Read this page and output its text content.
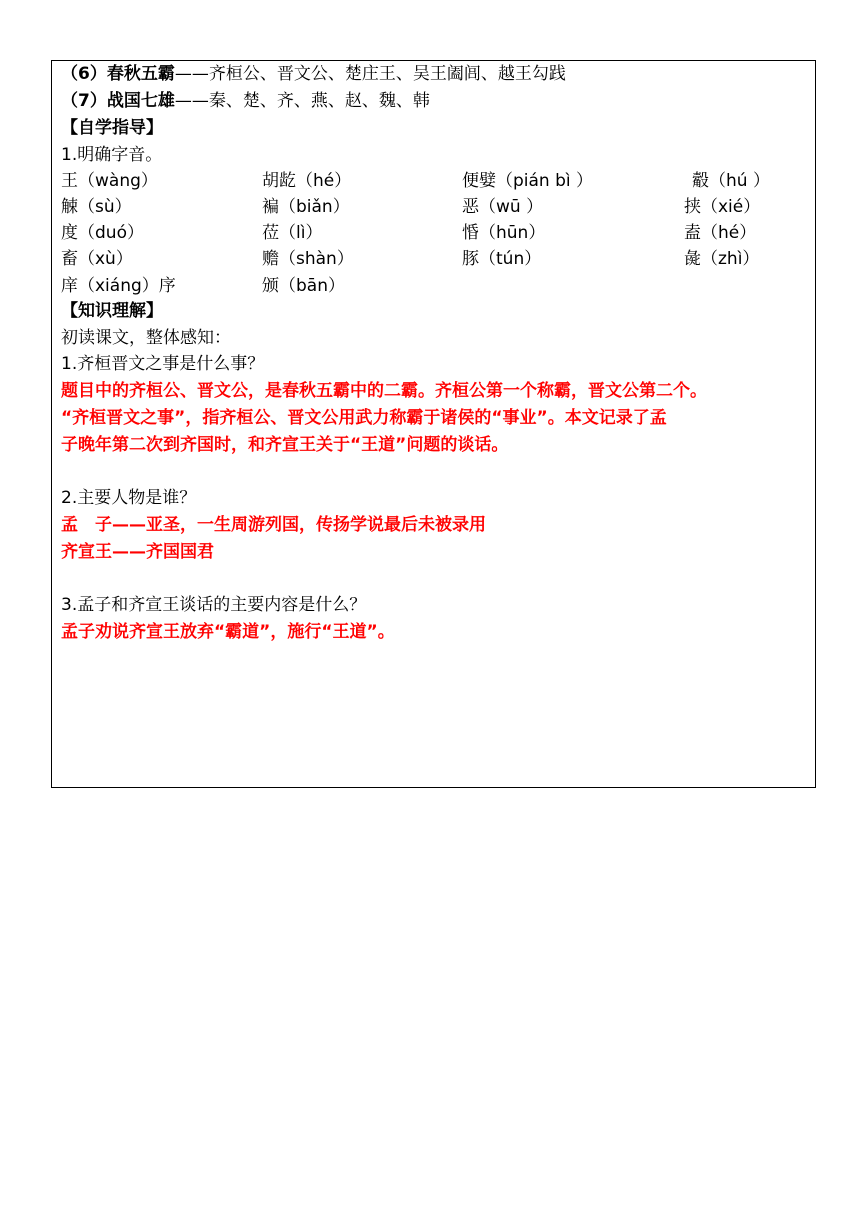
（6）春秋五霸——齐桓公、晋文公、楚庄王、吴王阖闾、越王勾践
（7）战国七雄——秦、楚、齐、燕、赵、魏、韩
【自学指导】
1.明确字音。
王（wàng）	胡龁（hé）	便嬖（pián bì ）	觳（hú ）
觫（sù）	褊（biǎn）	恶（wū ）	挟（xié）
度（duó）	莅（lì）	惛（hūn）	盍（hé）
畜（xù）	赡（shàn）	豚（tún）	彘（zhì）
庠（xiáng）序	颁（bān）
【知识理解】
初读课文，整体感知：
1.齐桓晋文之事是什么事？
题目中的齐桓公、晋文公，是春秋五霸中的二霸。齐桓公第一个称霸，晋文公第二个。
“齐桓晋文之事”，指齐桓公、晋文公用武力称霸于诸侯的“事业”。本文记录了孟
子晚年第二次到齐国时，和齐宣王关于“王道”问题的谈话。
2.主要人物是谁？
孟　子——亚圣，一生周游列国，传扬学说最后未被录用
齐宣王——齐国国君
3.孟子和齐宣王谈话的主要内容是什么？
孟子劝说齐宣王放弃“霸道”，施行“王道”。
